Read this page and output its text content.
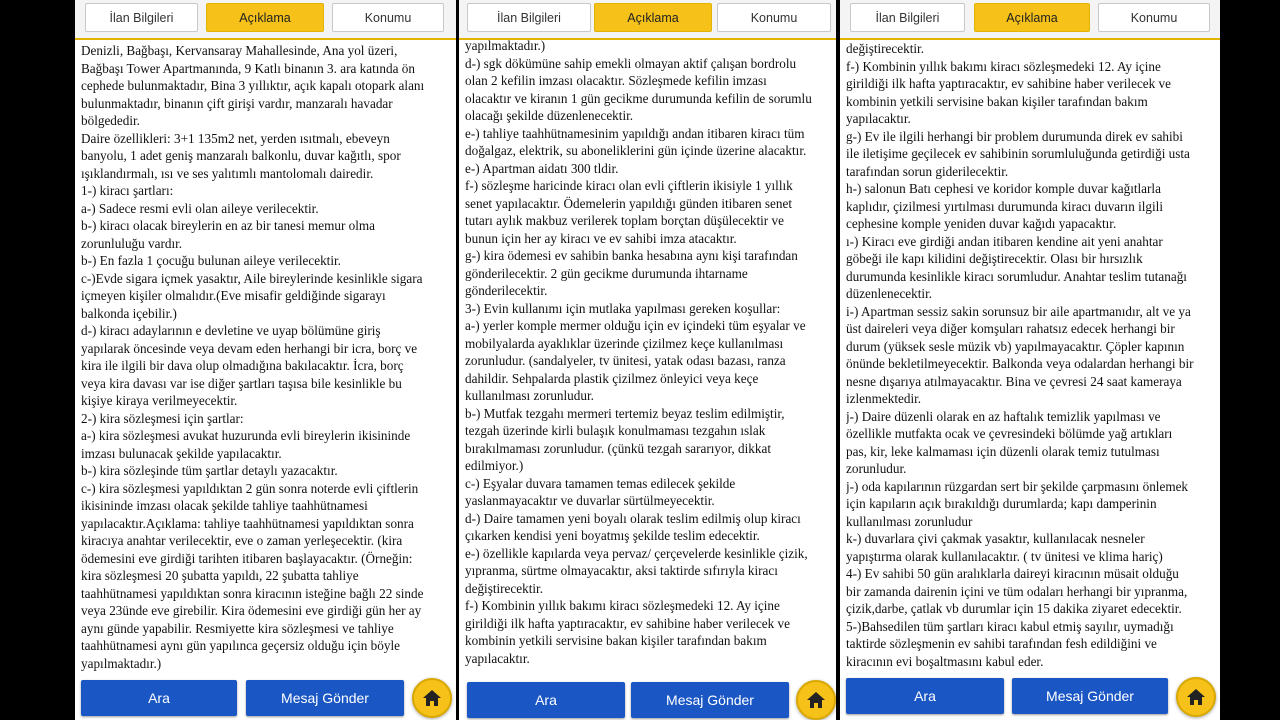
İlan Bilgileri	Açıklama	Konumu

Denizli, Bağbaşı, Kervansaray Mahallesinde, Ana yol üzeri,

Bağbaşı Tower Apartmanında, 9 Katlı binanın 3. ara katında ön

cephede bulunmaktadır, Bina 3 yıllıktır, açık kapalı otopark alanı

bulunmaktadır, binanın çift girişi vardır, manzaralı havadar

bölgededir.

Daire özellikleri: 3+1 135m2 net, yerden ısıtmalı, ebeveyn

banyolu, 1 adet geniş manzaralı balkonlu, duvar kağıtlı, spor

ışıklandırmalı, ısı ve ses yalıtımlı mantolomalı dairedir.

1-) kiracı şartları:

a-) Sadece resmi evli olan aileye verilecektir.

b-) kiracı olacak bireylerin en az bir tanesi memur olma

zorunluluğu vardır.

b-) En fazla 1 çocuğu bulunan aileye verilecektir.

c-)Evde sigara içmek yasaktır, Aile bireylerinde kesinlikle sigara

içmeyen kişiler olmalıdır.(Eve misafir geldiğinde sigarayı

balkonda içebilir.)

d-) kiracı adaylarının e devletine ve uyap bölümüne giriş

yapılarak öncesinde veya devam eden herhangi bir icra, borç ve

kira ile ilgili bir dava olup olmadığına bakılacaktır. İcra, borç

veya kira davası var ise diğer şartları taşısa bile kesinlikle bu

kişiye kiraya verilmeyecektir.

2-) kira sözleşmesi için şartlar:

a-) kira sözleşmesi avukat huzurunda evli bireylerin ikisininde

imzası bulunacak şekilde yapılacaktır.

b-) kira sözleşinde tüm şartlar detaylı yazacaktır.

c-) kira sözleşmesi yapıldıktan 2 gün sonra noterde evli çiftlerin

ikisininde imzası olacak şekilde tahliye taahhütnamesi

yapılacaktır.Açıklama: tahliye taahhütnamesi yapıldıktan sonra

kiracıya anahtar verilecektir, eve o zaman yerleşecektir. (kira

ödemesini eve girdiği tarihten itibaren başlayacaktır. (Örneğin:

kira sözleşmesi 20 şubatta yapıldı, 22 şubatta tahliye

taahhütnamesi yapıldıktan sonra kiracının isteğine bağlı 22 sinde

veya 23ünde eve girebilir. Kira ödemesini eve girdiği gün her ay

aynı günde yapabilir. Resmiyette kira sözleşmesi ve tahliye

taahhütnamesi aynı gün yapılınca geçersiz olduğu için böyle

yapılmaktadır.)

Ara	Mesaj Gönder
İlan Bilgileri	Açıklama	Konumu

yapılmaktadır.)

d-) sgk dökümüne sahip emekli olmayan aktif çalışan bordrolu

olan 2 kefilin imzası olacaktır. Sözleşmede kefilin imzası

olacaktır ve kiranın 1 gün gecikme durumunda kefilin de sorumlu

olacağı şekilde düzenlenecektir.

e-) tahliye taahhütnamesinim yapıldığı andan itibaren kiracı tüm

doğalgaz, elektrik, su aboneliklerini gün içinde üzerine alacaktır.

e-) Apartman aidatı 300 tldir.

f-) sözleşme haricinde kiracı olan evli çiftlerin ikisiyle 1 yıllık

senet yapılacaktır. Ödemelerin yapıldığı günden itibaren senet

tutarı aylık makbuz verilerek toplam borçtan düşülecektir ve

bunun için her ay kiracı ve ev sahibi imza atacaktır.

g-) kira ödemesi ev sahibin banka hesabına aynı kişi tarafından

gönderilecektir. 2 gün gecikme durumunda ihtarname

gönderilecektir.

3-) Evin kullanımı için mutlaka yapılması gereken koşullar:

a-) yerler komple mermer olduğu için ev içindeki tüm eşyalar ve

mobilyalarda ayaklıklar üzerinde çizilmez keçe kullanılması

zorunludur. (sandalyeler, tv ünitesi, yatak odası bazası, ranza

dahildir. Sehpalarda plastik çizilmez önleyici veya keçe

kullanılması zorunludur.

b-) Mutfak tezgahı mermeri tertemiz beyaz teslim edilmiştir,

tezgah üzerinde kirli bulaşık konulmaması tezgahın ıslak

bırakılmaması zorunludur. (çünkü tezgah sararıyor, dikkat

edilmiyor.)

c-) Eşyalar duvara tamamen temas edilecek şekilde

yaslanmayacaktır ve duvarlar sürtülmeyecektir.

d-) Daire tamamen yeni boyalı olarak teslim edilmiş olup kiracı

çıkarken kendisi yeni boyatmış şekilde teslim edecektir.

e-) özellikle kapılarda veya pervaz/ çerçevelerde kesinlikle çizik,

yıpranma, sürtme olmayacaktır, aksi taktirde sıfırıyla kiracı

değiştirecektir.

f-) Kombinin yıllık bakımı kiracı sözleşmedeki 12. Ay içine

girildiği ilk hafta yaptıracaktır, ev sahibine haber verilecek ve

kombinin yetkili servisine bakan kişiler tarafından bakım

yapılacaktır.

Ara	Mesaj Gönder
İlan Bilgileri	Açıklama	Konumu

değiştirecektir.

f-) Kombinin yıllık bakımı kiracı sözleşmedeki 12. Ay içine

girildiği ilk hafta yaptıracaktır, ev sahibine haber verilecek ve

kombinin yetkili servisine bakan kişiler tarafından bakım

yapılacaktır.

g-) Ev ile ilgili herhangi bir problem durumunda direk ev sahibi

ile iletişime geçilecek ev sahibinin sorumluluğunda getirdiği usta

tarafından sorun giderilecektir.

h-) salonun Batı cephesi ve koridor komple duvar kağıtlarla

kaplıdır, çizilmesi yırtılması durumunda kiracı duvarın ilgili

cephesine komple yeniden duvar kağıdı yapacaktır.

ı-) Kiracı eve girdiği andan itibaren kendine ait yeni anahtar

göbeği ile kapı kilidini değiştirecektir. Olası bir hırsızlık

durumunda kesinlikle kiracı sorumludur. Anahtar teslim tutanağı

düzenlenecektir.

i-) Apartman sessiz sakin sorunsuz bir aile apartmanıdır, alt ve ya

üst daireleri veya diğer komşuları rahatsız edecek herhangi bir

durum (yüksek sesle müzik vb) yapılmayacaktır. Çöpler kapının

önünde bekletilmeyecektir. Balkonda veya odalardan herhangi bir

nesne dışarıya atılmayacaktır. Bina ve çevresi 24 saat kameraya

izlenmektedir.

j-) Daire düzenli olarak en az haftalık temizlik yapılması ve

özellikle mutfakta ocak ve çevresindeki bölümde yağ artıkları

pas, kir, leke kalmaması için düzenli olarak temiz tutulması

zorunludur.

j-) oda kapılarının rüzgardan sert bir şekilde çarpmasını önlemek

için kapıların açık bırakıldığı durumlarda; kapı damperinin

kullanılması zorunludur

k-) duvarlara çivi çakmak yasaktır, kullanılacak nesneler

yapıştırma olarak kullanılacaktır. ( tv ünitesi ve klima hariç)

4-) Ev sahibi 50 gün aralıklarla daireyi kiracının müsait olduğu

bir zamanda dairenin içini ve tüm odaları herhangi bir yıpranma,

çizik,darbe, çatlak vb durumlar için 15 dakika ziyaret edecektir.

5-)Bahsedilen tüm şartları kiracı kabul etmiş sayılır, uymadığı

taktirde sözleşmenin ev sahibi tarafından fesh edildiğini ve

kiracının evi boşaltmasını kabul eder.

Ara	Mesaj Gönder
